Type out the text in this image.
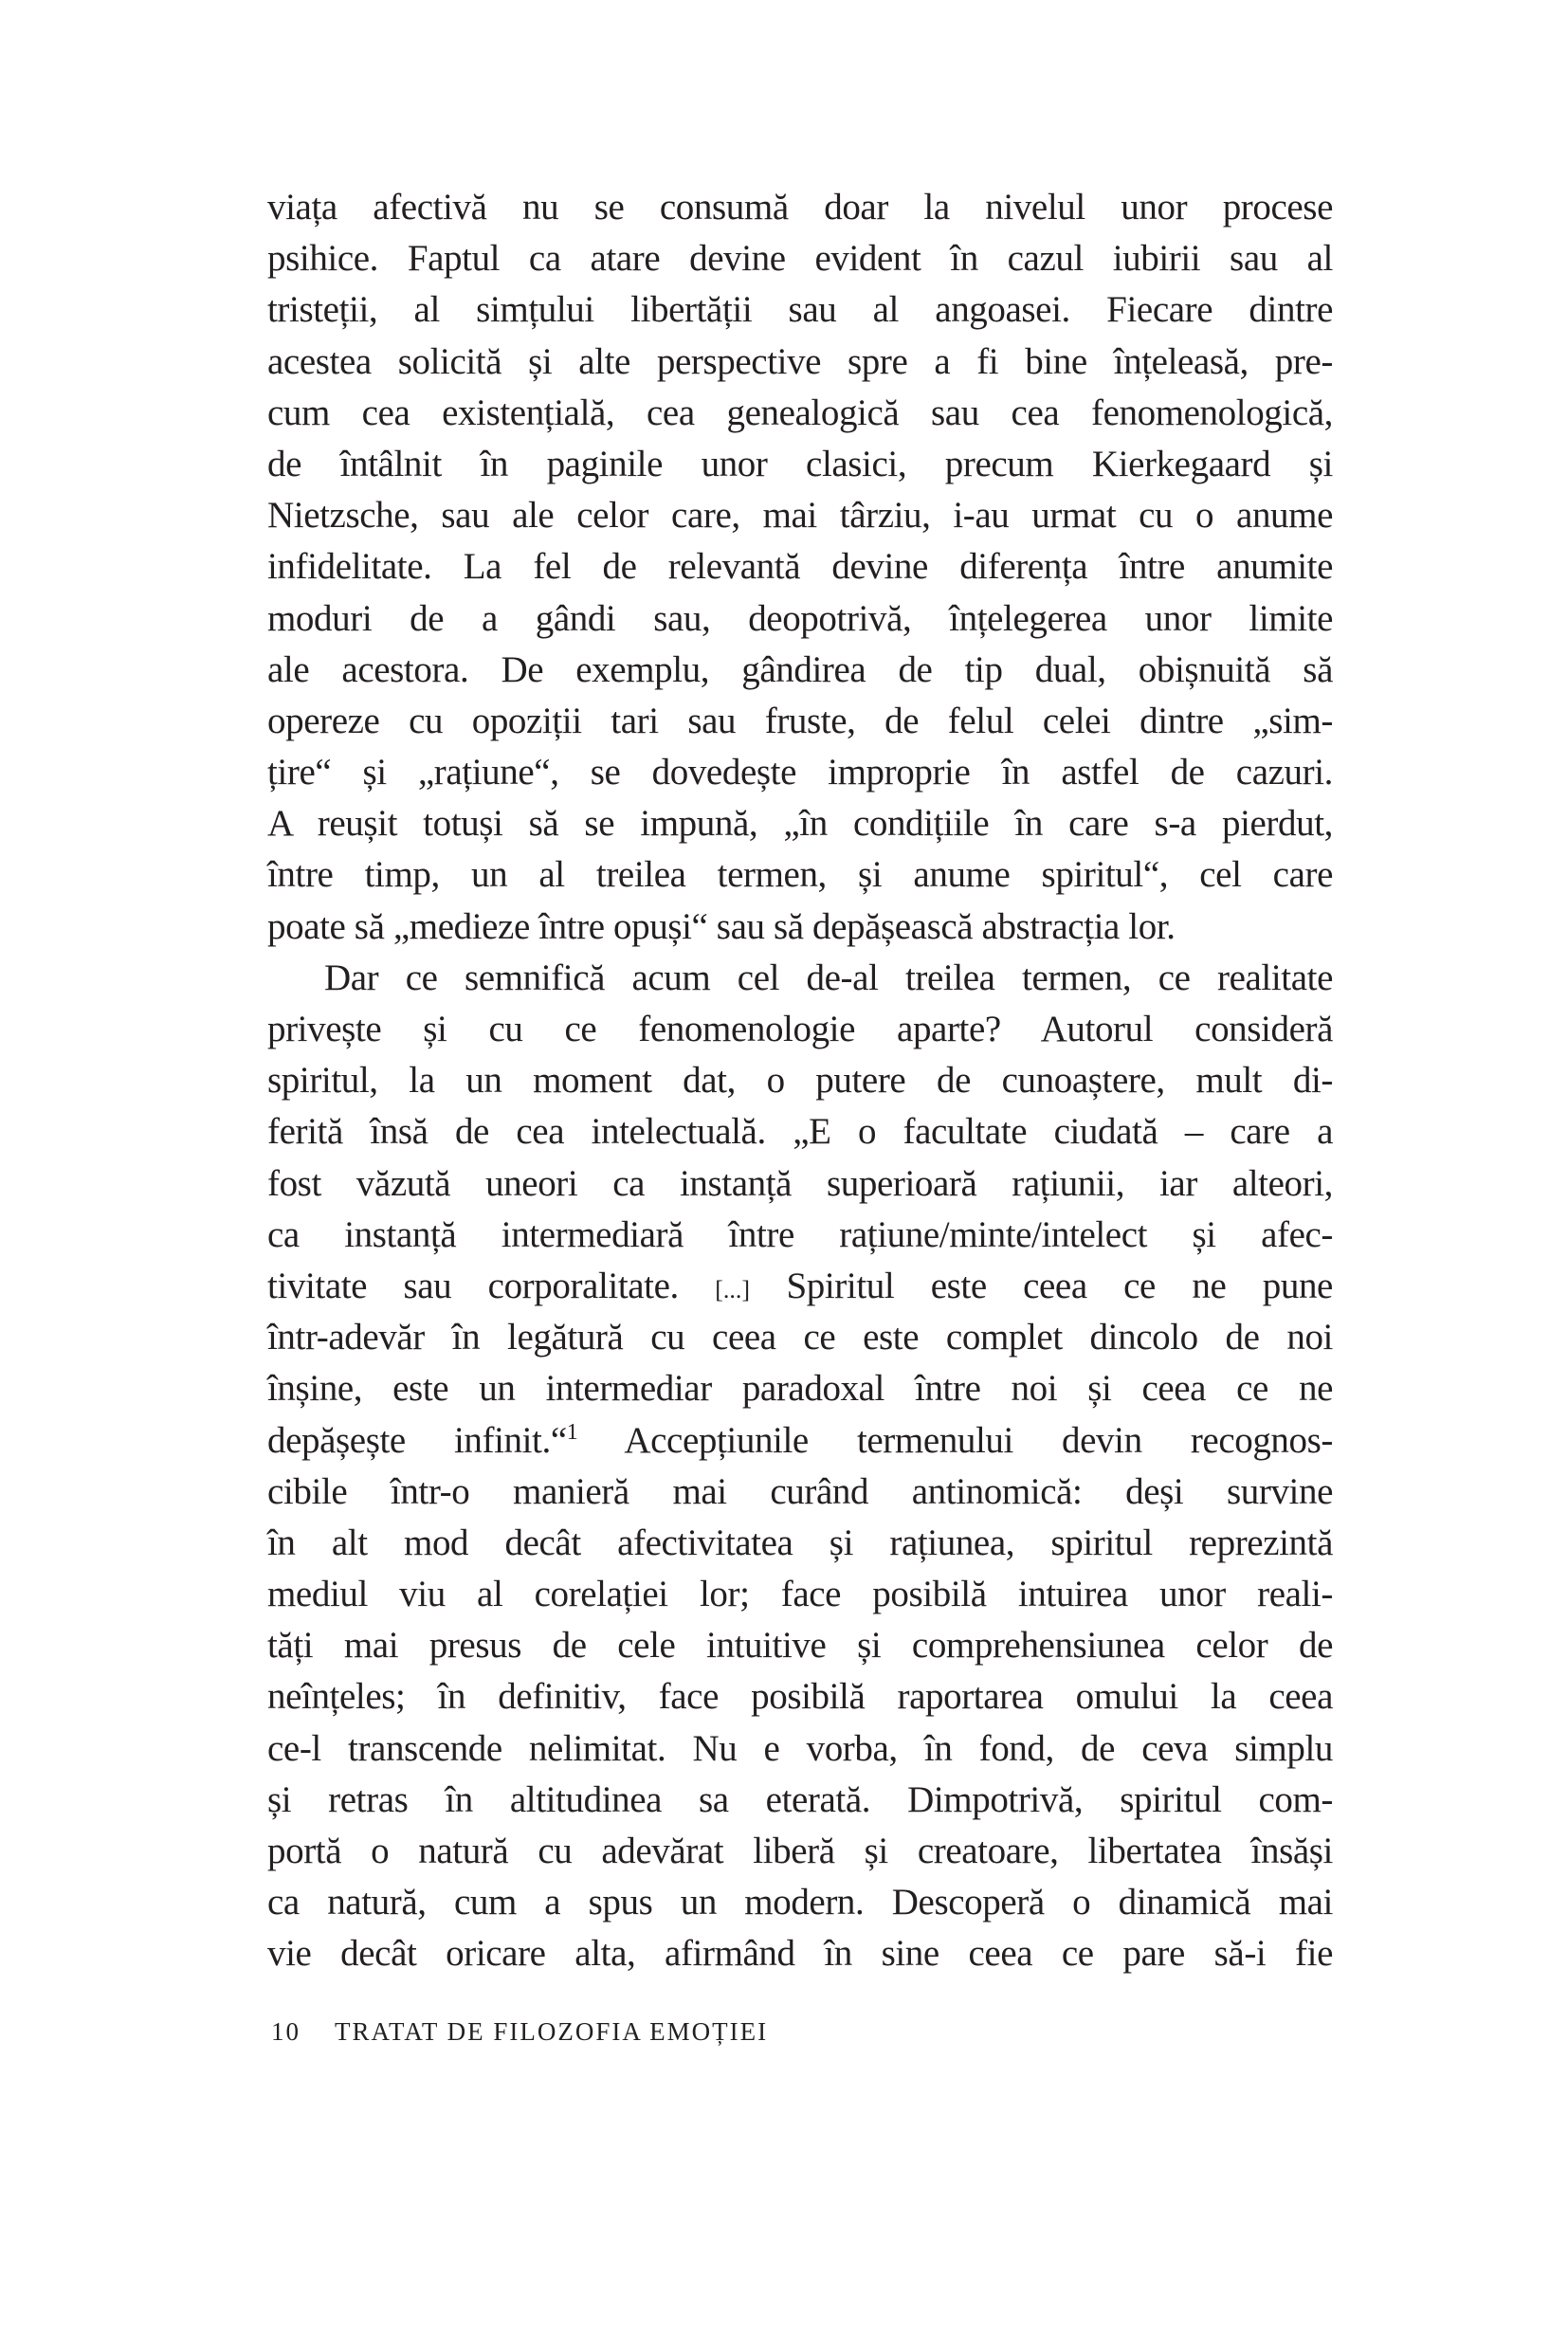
viața afectivă nu se consumă doar la nivelul unor procese
psihice. Faptul ca atare devine evident în cazul iubirii sau al
tristeții, al simțului libertății sau al angoasei. Fiecare dintre
acestea solicită și alte perspective spre a fi bine înțeleasă, pre-
cum cea existențială, cea genealogică sau cea fenomenologică,
de întâlnit în paginile unor clasici, precum Kierkegaard și
Nietzsche, sau ale celor care, mai târziu, i-au urmat cu o anume
infidelitate. La fel de relevantă devine diferența între anumite
moduri de a gândi sau, deopotrivă, înțelegerea unor limite
ale acestora. De exemplu, gândirea de tip dual, obișnuită să
opereze cu opoziții tari sau fruste, de felul celei dintre „sim-
țire“ și „rațiune“, se dovedește improprie în astfel de cazuri.
A reușit totuși să se impună, „în condițiile în care s-a pierdut,
între timp, un al treilea termen, și anume spiritul“, cel care
poate să „medieze între opuși“ sau să depășească abstracția lor.
Dar ce semnifică acum cel de-al treilea termen, ce realitate
privește și cu ce fenomenologie aparte? Autorul consideră
spiritul, la un moment dat, o putere de cunoaștere, mult di-
ferită însă de cea intelectuală. „E o facultate ciudată – care a
fost văzută uneori ca instanță superioară rațiunii, iar alteori,
ca instanță intermediară între rațiune/minte/intelect și afec-
tivitate sau corporalitate. [...] Spiritul este ceea ce ne pune
într-adevăr în legătură cu ceea ce este complet dincolo de noi
înșine, este un intermediar paradoxal între noi și ceea ce ne
depășește infinit.“$^1$ Accepțiunile termenului devin recognos-
cibile într-o manieră mai curând antinomică: deși survine
în alt mod decât afectivitatea și rațiunea, spiritul reprezintă
mediul viu al corelației lor; face posibilă intuirea unor reali-
tăți mai presus de cele intuitive și comprehensiunea celor de
neînțeles; în definitiv, face posibilă raportarea omului la ceea
ce-l transcende nelimitat. Nu e vorba, în fond, de ceva simplu
și retras în altitudinea sa eterată. Dimpotrivă, spiritul com-
portă o natură cu adevărat liberă și creatoare, libertatea însăși
ca natură, cum a spus un modern. Descoperă o dinamică mai
vie decât oricare alta, afirmând în sine ceea ce pare să-i fie
10 TRATAT DE FILOZOFIA EMOȚIEI
